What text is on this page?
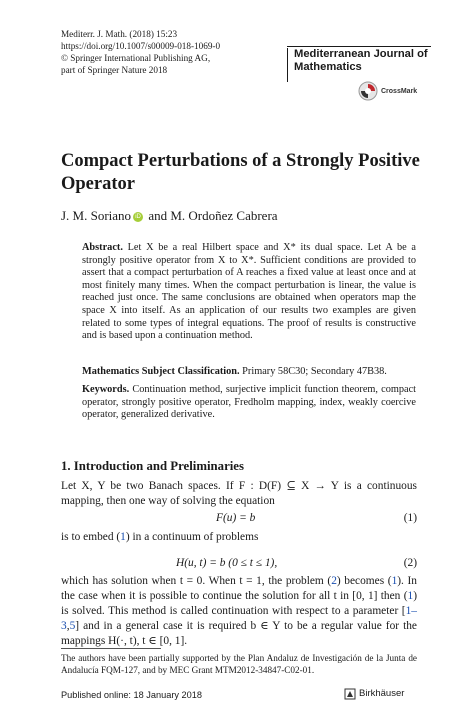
Mediterr. J. Math. (2018) 15:23
https://doi.org/10.1007/s00009-018-1069-0
© Springer International Publishing AG,
part of Springer Nature 2018
Mediterranean Journal of Mathematics
CrossMark
Compact Perturbations of a Strongly Positive Operator
J. M. Soriano iD and M. Ordoñez Cabrera
Abstract. Let X be a real Hilbert space and X* its dual space. Let A be a strongly positive operator from X to X*. Sufficient conditions are provided to assert that a compact perturbation of A reaches a fixed value at least once and at most finitely many times. When the compact perturbation is linear, the value is reached just once. The same conclusions are obtained when operators map the space X into itself. As an application of our results two examples are given related to some types of integral equations. The proof of results is constructive and is based upon a continuation method.
Mathematics Subject Classification. Primary 58C30; Secondary 47B38.
Keywords. Continuation method, surjective implicit function theorem, compact operator, strongly positive operator, Fredholm mapping, index, weakly coercive operator, generalized derivative.
1. Introduction and Preliminaries
Let X, Y be two Banach spaces. If F : D(F) ⊆ X → Y is a continuous mapping, then one way of solving the equation
F(u) = b	(1)
is to embed (1) in a continuum of problems
H(u, t) = b (0 ≤ t ≤ 1),	(2)
which has solution when t = 0. When t = 1, the problem (2) becomes (1). In the case when it is possible to continue the solution for all t in [0, 1] then (1) is solved. This method is called continuation with respect to a parameter [1–3,5] and in a general case it is required b ∈ Y to be a regular value for the mappings H(·, t), t ∈ [0, 1].
The authors have been partially supported by the Plan Andaluz de Investigación de la Junta de Andalucía FQM-127, and by MEC Grant MTM2012-34847-C02-01.
Published online: 18 January 2018	Birkhäuser
